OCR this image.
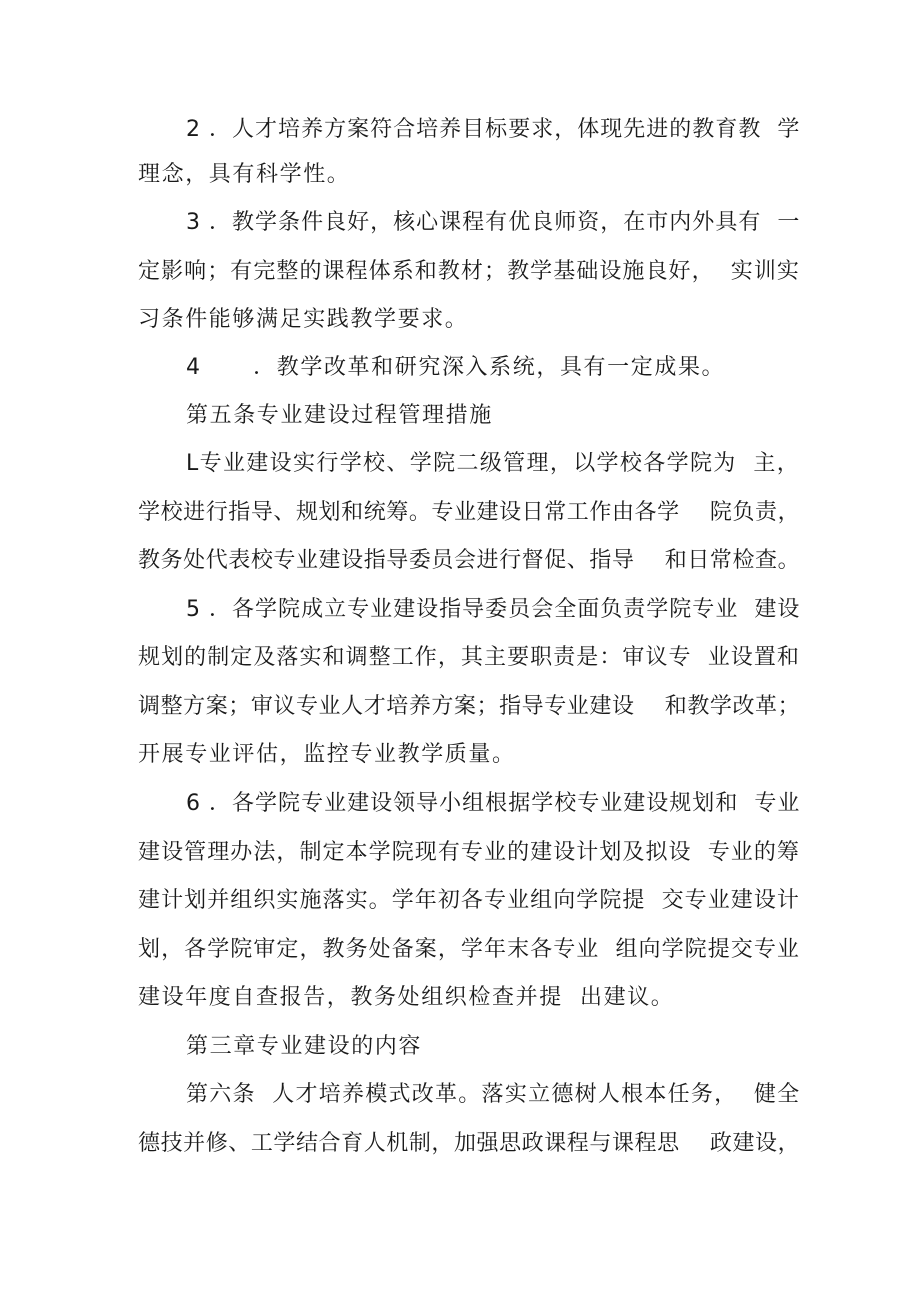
2 ．人才培养方案符合培养目标要求，体现先进的教育教  学
理念，具有科学性。
3 ．教学条件良好，核心课程有优良师资，在市内外具有  一
定影响；有完整的课程体系和教材；教学基础设施良好，  实训实
习条件能够满足实践教学要求。
4      ．教学改革和研究深入系统，具有一定成果。
第五条专业建设过程管理措施
L专业建设实行学校、学院二级管理，以学校各学院为  主，
学校进行指导、规划和统筹。专业建设日常工作由各学    院负责，
教务处代表校专业建设指导委员会进行督促、指导    和日常检查。
5 ．各学院成立专业建设指导委员会全面负责学院专业  建设
规划的制定及落实和调整工作，其主要职责是：审议专  业设置和
调整方案；审议专业人才培养方案；指导专业建设    和教学改革；
开展专业评估，监控专业教学质量。
6 ．各学院专业建设领导小组根据学校专业建设规划和  专业
建设管理办法，制定本学院现有专业的建设计划及拟设  专业的筹
建计划并组织实施落实。学年初各专业组向学院提  交专业建设计
划，各学院审定，教务处备案，学年末各专业  组向学院提交专业
建设年度自查报告，教务处组织检查并提  出建议。
第三章专业建设的内容
第六条  人才培养模式改革。落实立德树人根本任务，  健全
德技并修、工学结合育人机制，加强思政课程与课程思    政建设，
